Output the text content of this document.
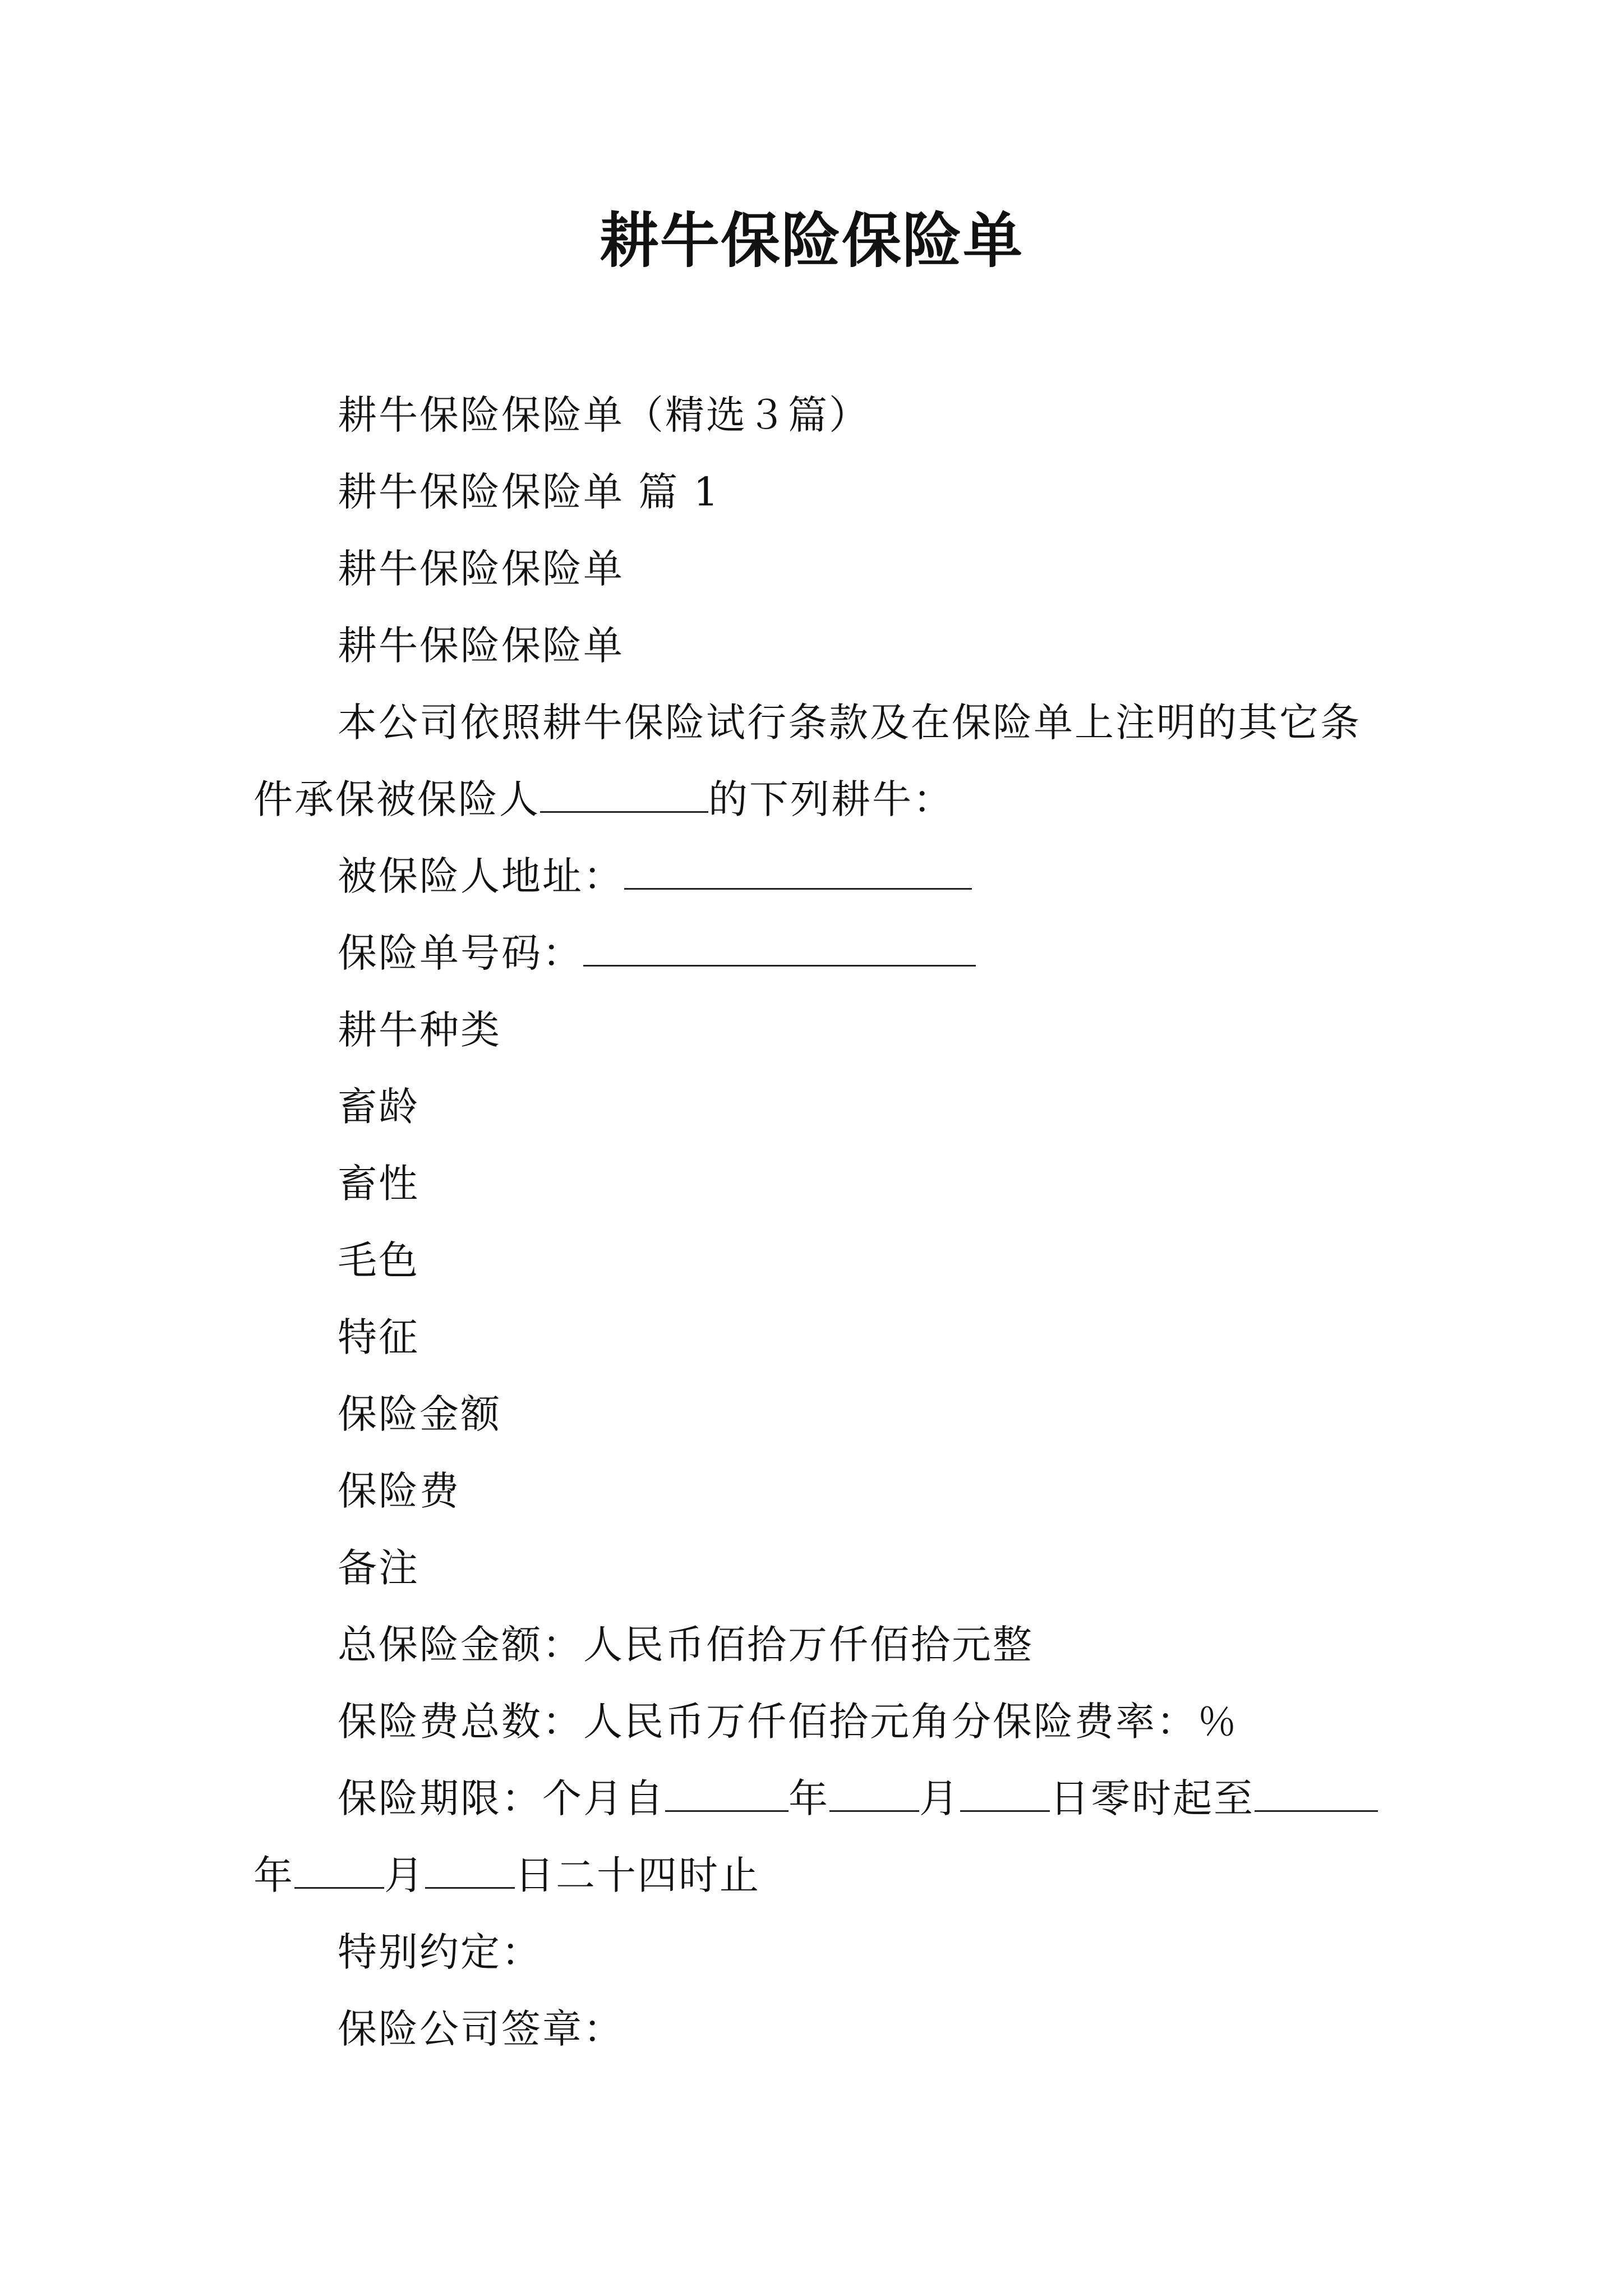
耕牛保险保险单

耕牛保险保险单（精选３篇）

耕牛保险保险单 篇 1

耕牛保险保险单

耕牛保险保险单

本公司依照耕牛保险试行条款及在保险单上注明的其它条件承保被保险人	的下列耕牛：

被保险人地址：

保险单号码：

耕牛种类

畜龄

畜性

毛色

特征

保险金额

保险费

备注

总保险金额：人民币佰拾万仟佰拾元整

保险费总数：人民币万仟佰拾元角分保险费率：％

保险期限：个月自	年 月 日零时起至年 月 日二十四时止

特别约定：

保险公司签章：
